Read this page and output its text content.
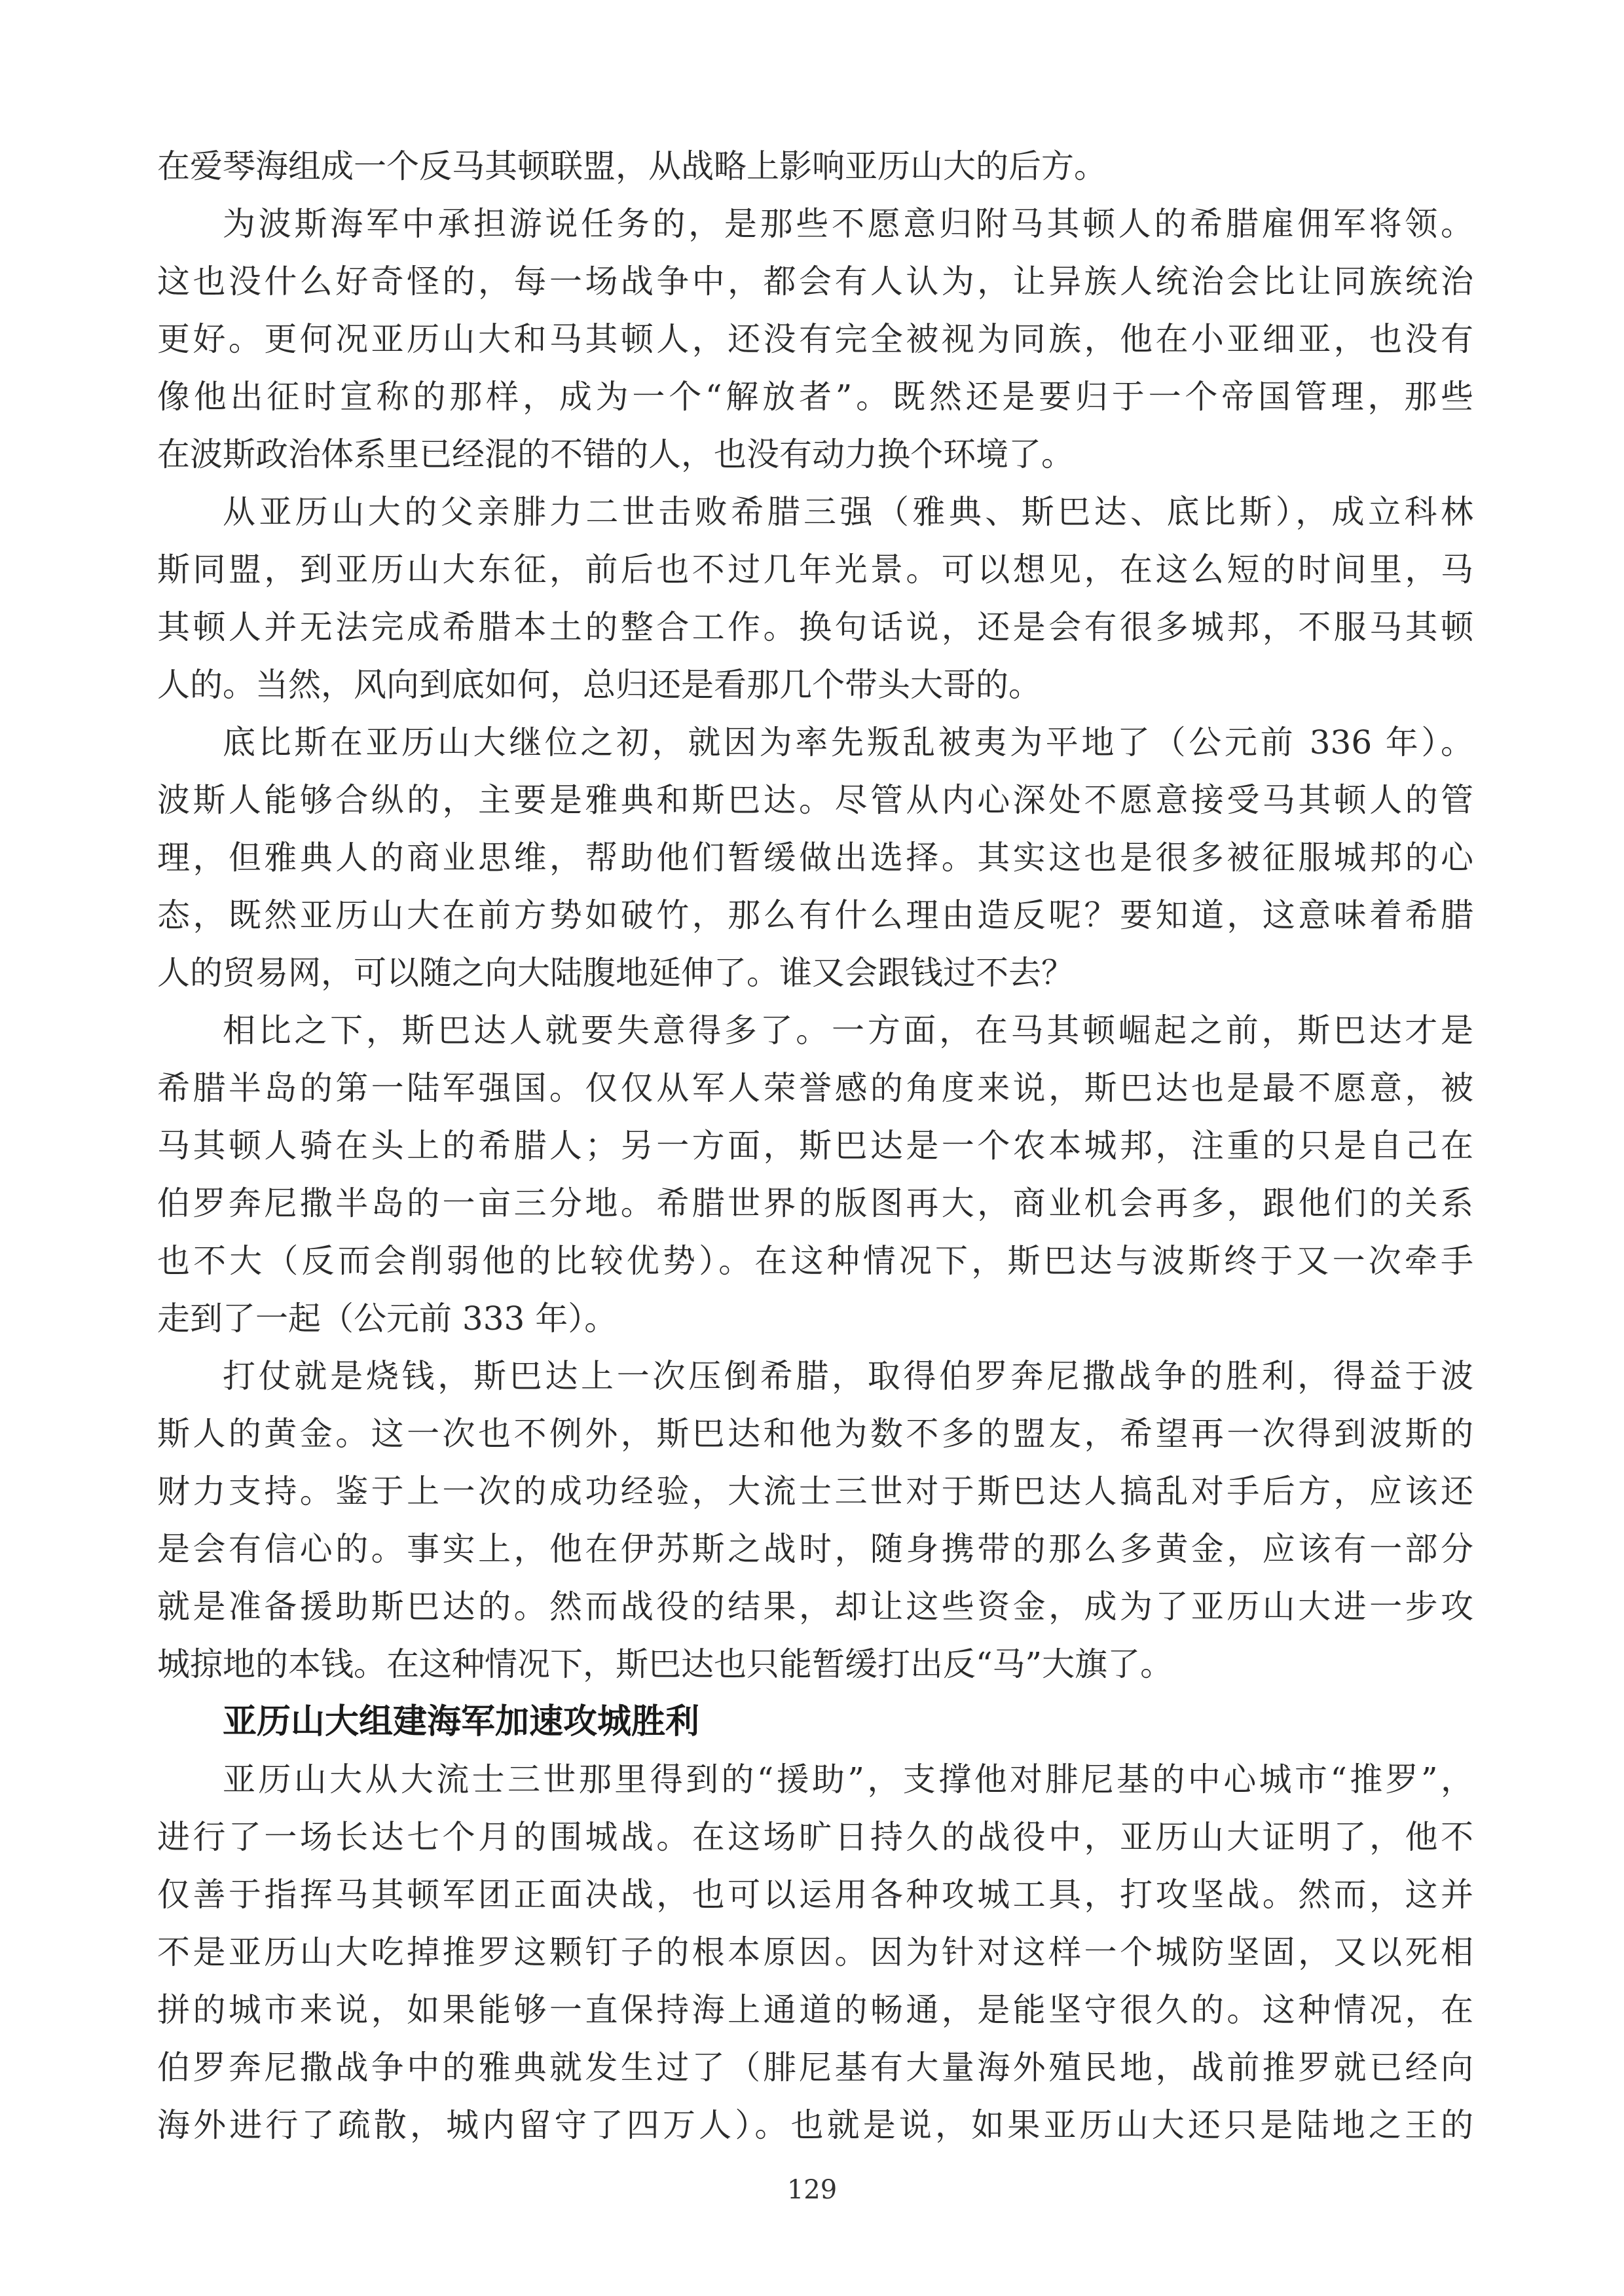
在爱琴海组成一个反马其顿联盟，从战略上影响亚历山大的后方。
为波斯海军中承担游说任务的，是那些不愿意归附马其顿人的希腊雇佣军将领。
这也没什么好奇怪的，每一场战争中，都会有人认为，让异族人统治会比让同族统治
更好。更何况亚历山大和马其顿人，还没有完全被视为同族，他在小亚细亚，也没有
像他出征时宣称的那样，成为一个“解放者”。既然还是要归于一个帝国管理，那些
在波斯政治体系里已经混的不错的人，也没有动力换个环境了。
从亚历山大的父亲腓力二世击败希腊三强（雅典、斯巴达、底比斯），成立科林
斯同盟，到亚历山大东征，前后也不过几年光景。可以想见，在这么短的时间里，马
其顿人并无法完成希腊本土的整合工作。换句话说，还是会有很多城邦，不服马其顿
人的。当然，风向到底如何，总归还是看那几个带头大哥的。
底比斯在亚历山大继位之初，就因为率先叛乱被夷为平地了（公元前 336 年）。
波斯人能够合纵的，主要是雅典和斯巴达。尽管从内心深处不愿意接受马其顿人的管
理，但雅典人的商业思维，帮助他们暂缓做出选择。其实这也是很多被征服城邦的心
态，既然亚历山大在前方势如破竹，那么有什么理由造反呢？要知道，这意味着希腊
人的贸易网，可以随之向大陆腹地延伸了。谁又会跟钱过不去？
相比之下，斯巴达人就要失意得多了。一方面，在马其顿崛起之前，斯巴达才是
希腊半岛的第一陆军强国。仅仅从军人荣誉感的角度来说，斯巴达也是最不愿意，被
马其顿人骑在头上的希腊人；另一方面，斯巴达是一个农本城邦，注重的只是自己在
伯罗奔尼撒半岛的一亩三分地。希腊世界的版图再大，商业机会再多，跟他们的关系
也不大（反而会削弱他的比较优势）。在这种情况下，斯巴达与波斯终于又一次牵手
走到了一起（公元前 333 年）。
打仗就是烧钱，斯巴达上一次压倒希腊，取得伯罗奔尼撒战争的胜利，得益于波
斯人的黄金。这一次也不例外，斯巴达和他为数不多的盟友，希望再一次得到波斯的
财力支持。鉴于上一次的成功经验，大流士三世对于斯巴达人搞乱对手后方，应该还
是会有信心的。事实上，他在伊苏斯之战时，随身携带的那么多黄金，应该有一部分
就是准备援助斯巴达的。然而战役的结果，却让这些资金，成为了亚历山大进一步攻
城掠地的本钱。在这种情况下，斯巴达也只能暂缓打出反“马”大旗了。
亚历山大组建海军加速攻城胜利
亚历山大从大流士三世那里得到的“援助”，支撑他对腓尼基的中心城市“推罗”，
进行了一场长达七个月的围城战。在这场旷日持久的战役中，亚历山大证明了，他不
仅善于指挥马其顿军团正面决战，也可以运用各种攻城工具，打攻坚战。然而，这并
不是亚历山大吃掉推罗这颗钉子的根本原因。因为针对这样一个城防坚固，又以死相
拼的城市来说，如果能够一直保持海上通道的畅通，是能坚守很久的。这种情况，在
伯罗奔尼撒战争中的雅典就发生过了（腓尼基有大量海外殖民地，战前推罗就已经向
海外进行了疏散，城内留守了四万人）。也就是说，如果亚历山大还只是陆地之王的
129
